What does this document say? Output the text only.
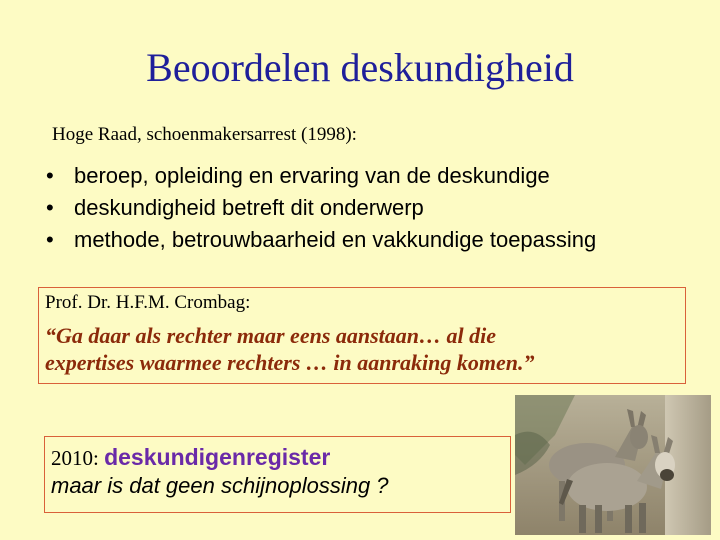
Beoordelen deskundigheid
Hoge Raad, schoenmakersarrest (1998):
• beroep, opleiding en ervaring van de deskundige
• deskundigheid betreft dit onderwerp
• methode, betrouwbaarheid en vakkundige toepassing
Prof. Dr. H.F.M. Crombag:
“Ga daar als rechter maar eens aanstaan… al die
expertises waarmee rechters … in aanraking komen.”
2010: deskundigenregister
maar is dat geen schijnoplossing ?
